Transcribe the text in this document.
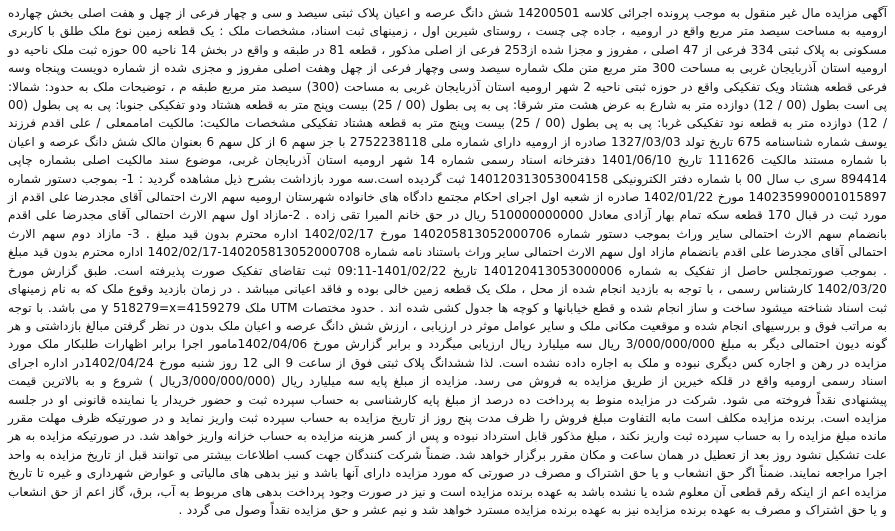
آگهی مزایده مال غیر منقول به موجب پرونده اجرائی کلاسه 14200501 شش دانگ عرصه و اعیان پلاک ثبتی سیصد و سی و چهار فرعی از چهل و هفت اصلی بخش چهارده ارومیه به مساحت سیصد متر مربع واقع در ارومیه ، جاده چی چست ، روستای شیرین اول ، زمینهای ثبت اسناد، مشخصات ملک : یک قطعه زمین نوع ملک طلق با کاربری مسکونی به پلاک ثبتی 334 فرعی از 47 اصلی ، مفروز و مجزا شده از253 فرعی از اصلی مذکور ، قطعه 81 در طبقه و واقع در بخش 14 ناحیه 00 حوزه ثبت ملک ناحیه دو ارومیه استان آذربایجان غربی به مساحت 300 متر مربع متن ملک شماره سیصد وسی وچهار فرعی از چهل وهفت اصلی مفروز و مجزی شده از شماره دویست وپنجاه وسه فرعی قطعه هشتاد ویک تفکیکی واقع در حوزه ثبتی ناحیه 2 شهر ارومیه استان آذربایجان غربی به مساحت (300) سیصد متر مربع طبقه م ، توضیحات ملک به حدود: شمالا: پی است بطول (00 / 12) دوازده متر به شارع به عرض هشت متر شرقا: پی به پی بطول (00 / 25) بیست وپنج متر به قطعه هشتاد ودو تفکیکی جنوبا: پی به پی بطول (00 / 12) دوازده متر به قطعه نود تفکیکی غربا: پی به پی بطول (00 / 25) بیست وپنج متر به قطعه هشتاد تفکیکی مشخصات مالکیت: مالکیت اماممعلی / علی اقدم فرزند یوسف شماره شناسنامه 675 تاریخ تولد 1327/03/03 صادره از ارومیه دارای شماره ملی 2752238118 با جز سهم 6 از کل سهم 6 بعنوان مالک شش دانگ عرصه و اعیان با شماره مستند مالکیت 111626 تاریخ 1401/06/10 دفترخانه اسناد رسمی شماره 14 شهر ارومیه استان آذربایجان غربی، موضوع سند مالکیت اصلی بشماره چاپی 894414 سری ب سال 00 با شماره دفتر الکترونیکی 140120313053004158 ثبت گردیده است.سه مورد بازداشت بشرح ذیل مشاهده گردید : 1- بموجب دستور شماره 140235990001015897 مورخ 1402/01/22 صادره از شعبه اول اجرای احکام مجتمع دادگاه های خانواده شهرستان ارومیه سهم الارث احتمالی آقای مجدرضا علی اقدم از مورد ثبت در قبال 170 قطعه سکه تمام بهار آزادی معادل 510000000000 ریال در حق خانم المیرا تقی زاده . 2-مازاد اول سهم الارث احتمالی آقای مجدرضا علی اقدم بانضمام سهم الارث احتمالی سایر وراث بموجب دستور شماره 140205813052000706 مورخ 1402/02/17 اداره محترم بدون قید مبلغ . 3- مازاد دوم سهم الارث احتمالی آقای مجدرضا علی اقدم بانضمام مازاد اول سهم الارث احتمالی سایر وراث باستناد نامه شماره 140205813052000708-1402/02/17 اداره محترم بدون قید مبلغ . بموجب صورتمجلس حاصل از تفکیک به شماره 140120413053000006 تاریخ 1401/02/22-09:11 ثبت تقاضای تفکیک صورت پذیرفته است. طبق گزارش مورخ 1402/03/20 کارشناس رسمی ، با توجه به بازدید انجام شده از محل ، ملک یک قطعه زمین خالی بوده و فاقد اعیانی میباشد . در زمان بازدید وقوع ملک که به نام زمینهای ثبت اسناد شناخته میشود ساخت و ساز انجام شده و قطع خیابانها و کوچه ها جدول کشی شده اند . حدود مختصات UTM ملک 4159279=y 518279=x می باشد. با توجه به مراتب فوق و بررسیهای انجام شده و موقعیت مکانی ملک و سایر عوامل موثر در ارزیابی ، ارزش شش دانگ عرصه و اعیان ملک بدون در نظر گرفتن مبالغ بازداشتی و هر گونه دیون احتمالی دیگر به مبلغ 3/000/000/000 ریال سه میلیارد ریال ارزیابی میگردد و برابر گزارش مورخ 1402/04/06مامور اجرا برابر اظهارات طلبکار ملک مورد مزایده در رهن و اجاره کس دیگری نبوده و ملک به اجاره داده نشده است. لذا ششدانگ پلاک ثبتی فوق از ساعت 9 الی 12 روز شنبه مورخ 1402/04/24در اداره اجرای اسناد رسمی ارومیه واقع در قلکه خیرین از طریق مزایده به فروش می رسد. مزایده از مبلغ پایه سه میلیارد ریال (3/000/000/000ریال ) شروع و به بالاترین قیمت پیشنهادی نقداً فروخته می شود. شرکت در مزایده منوط به پرداخت ده درصد از مبلغ پایه کارشناسی به حساب سپرده ثبت و حضور خریدار یا نماینده قانونی او در جلسه مزایده است. برنده مزایده مکلف است مابه التفاوت مبلغ فروش را ظرف مدت پنج روز از تاریخ مزایده به حساب سپرده ثبت واریز نماید و در صورتیکه ظرف مهلت مقرر مانده مبلغ مزایده را به حساب سپرده ثبت واریز نکند ، مبلغ مذکور قابل استرداد نبوده و پس از کسر هزینه مزایده به حساب خزانه واریز خواهد شد. در صورتیکه مزایده به هر علت تشکیل نشود روز بعد از تعطیل در همان ساعت و مکان مقرر برگزار خواهد شد. ضمناً شرکت کنندگان جهت کسب اطلاعات بیشتر می توانند قبل از تاریخ مزایده به واحد اجرا مراجعه نمایند. ضمناً اگر حق انشعاب و یا حق اشتراک و مصرف در صورتی که مورد مزایده دارای آنها باشد و نیز بدهی های مالیاتی و عوارض شهرداری و غیره تا تاریخ مزایده اعم از اینکه رقم قطعی آن معلوم شده یا نشده باشد به عهده برنده مزایده است و نیز در صورت وجود پرداخت بدهی های مربوط به آب، برق، گاز اعم از حق انشعاب و یا حق اشتراک و مصرف به عهده برنده مزایده نیز به عهده برنده مزایده مسترد خواهد شد و نیم عشر و حق مزایده نقداً وصول می گردد .
